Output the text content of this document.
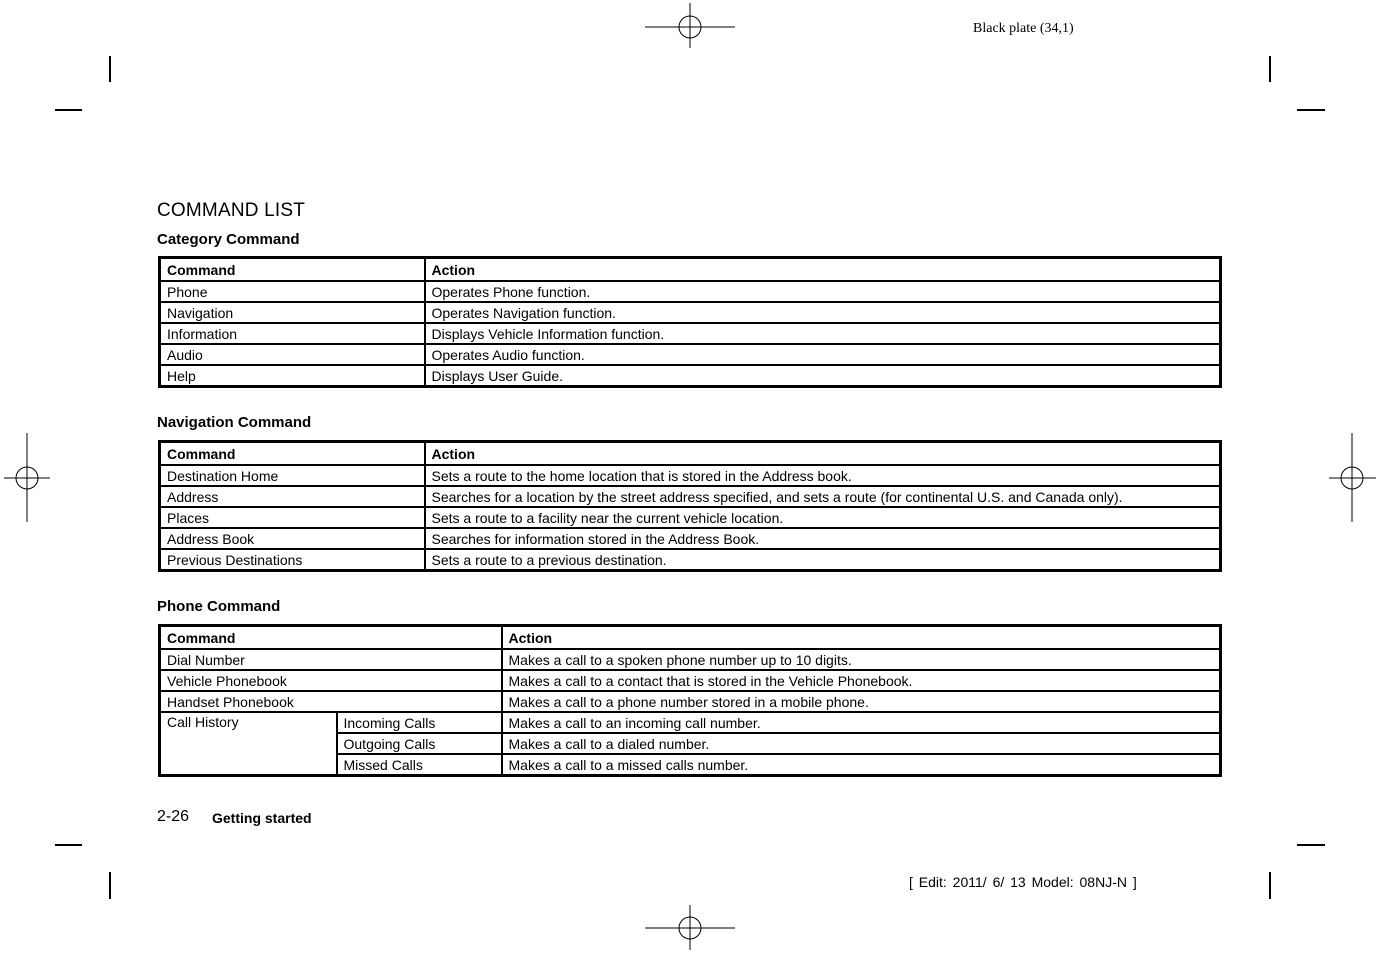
Black plate (34,1)
COMMAND LIST
Category Command
Command	Action
Phone	Operates Phone function.
Navigation	Operates Navigation function.
Information	Displays Vehicle Information function.
Audio	Operates Audio function.
Help	Displays User Guide.
Navigation Command
Command	Action
Destination Home	Sets a route to the home location that is stored in the Address book.
Address	Searches for a location by the street address specified, and sets a route (for continental U.S. and Canada only).
Places	Sets a route to a facility near the current vehicle location.
Address Book	Searches for information stored in the Address Book.
Previous Destinations	Sets a route to a previous destination.
Phone Command
Command		Action
Dial Number		Makes a call to a spoken phone number up to 10 digits.
Vehicle Phonebook		Makes a call to a contact that is stored in the Vehicle Phonebook.
Handset Phonebook		Makes a call to a phone number stored in a mobile phone.
Call History	Incoming Calls	Makes a call to an incoming call number.
	Outgoing Calls	Makes a call to a dialed number.
	Missed Calls	Makes a call to a missed calls number.
2-26 Getting started
[ Edit: 2011/ 6/ 13 Model: 08NJ-N ]
